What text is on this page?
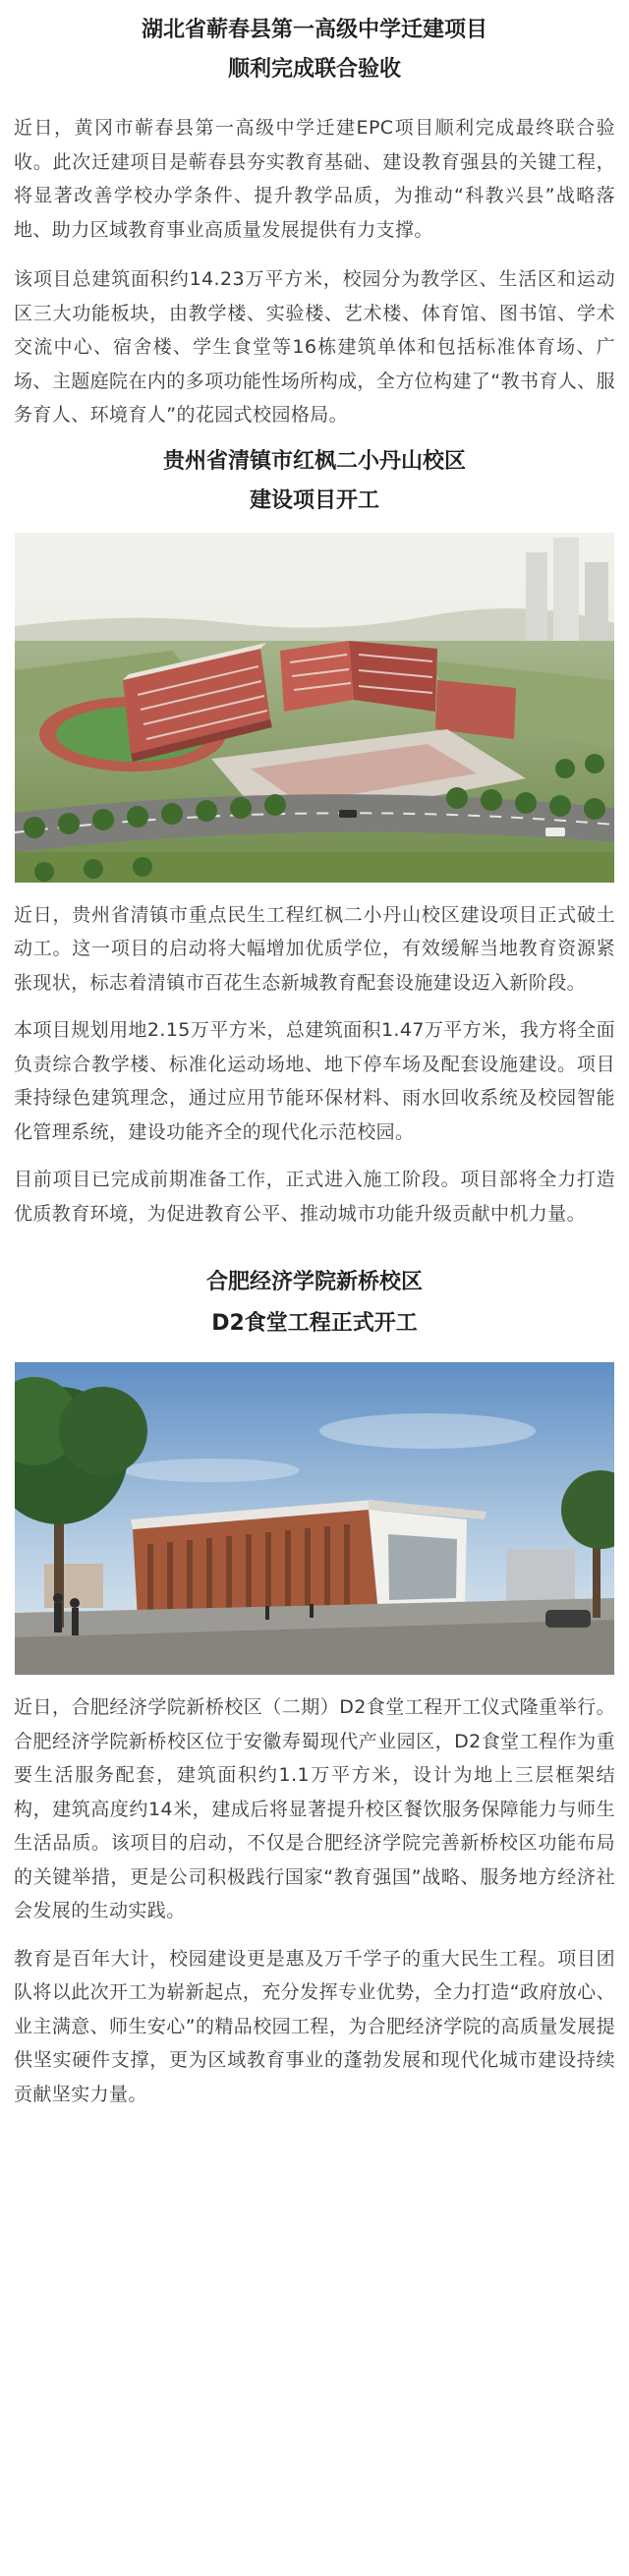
湖北省蕲春县第一高级中学迁建项目
顺利完成联合验收

近日，黄冈市蕲春县第一高级中学迁建EPC项目顺利完成最终联合验收。此次迁建项目是蕲春县夯实教育基础、建设教育强县的关键工程，将显著改善学校办学条件、提升教学品质，为推动“科教兴县”战略落地、助力区域教育事业高质量发展提供有力支撑。

该项目总建筑面积约14.23万平方米，校园分为教学区、生活区和运动区三大功能板块，由教学楼、实验楼、艺术楼、体育馆、图书馆、学术交流中心、宿舍楼、学生食堂等16栋建筑单体和包括标准体育场、广场、主题庭院在内的多项功能性场所构成，全方位构建了“教书育人、服务育人、环境育人”的花园式校园格局。

贵州省清镇市红枫二小丹山校区
建设项目开工

近日，贵州省清镇市重点民生工程红枫二小丹山校区建设项目正式破土动工。这一项目的启动将大幅增加优质学位，有效缓解当地教育资源紧张现状，标志着清镇市百花生态新城教育配套设施建设迈入新阶段。

本项目规划用地2.15万平方米，总建筑面积1.47万平方米，我方将全面负责综合教学楼、标准化运动场地、地下停车场及配套设施建设。项目秉持绿色建筑理念，通过应用节能环保材料、雨水回收系统及校园智能化管理系统，建设功能齐全的现代化示范校园。

目前项目已完成前期准备工作，正式进入施工阶段。项目部将全力打造优质教育环境，为促进教育公平、推动城市功能升级贡献中机力量。

合肥经济学院新桥校区
D2食堂工程正式开工

近日，合肥经济学院新桥校区（二期）D2食堂工程开工仪式隆重举行。合肥经济学院新桥校区位于安徽寿蜀现代产业园区，D2食堂工程作为重要生活服务配套，建筑面积约1.1万平方米，设计为地上三层框架结构，建筑高度约14米，建成后将显著提升校区餐饮服务保障能力与师生生活品质。该项目的启动，不仅是合肥经济学院完善新桥校区功能布局的关键举措，更是公司积极践行国家“教育强国”战略、服务地方经济社会发展的生动实践。

教育是百年大计，校园建设更是惠及万千学子的重大民生工程。项目团队将以此次开工为崭新起点，充分发挥专业优势，全力打造“政府放心、业主满意、师生安心”的精品校园工程，为合肥经济学院的高质量发展提供坚实硬件支撑，更为区域教育事业的蓬勃发展和现代化城市建设持续贡献坚实力量。
